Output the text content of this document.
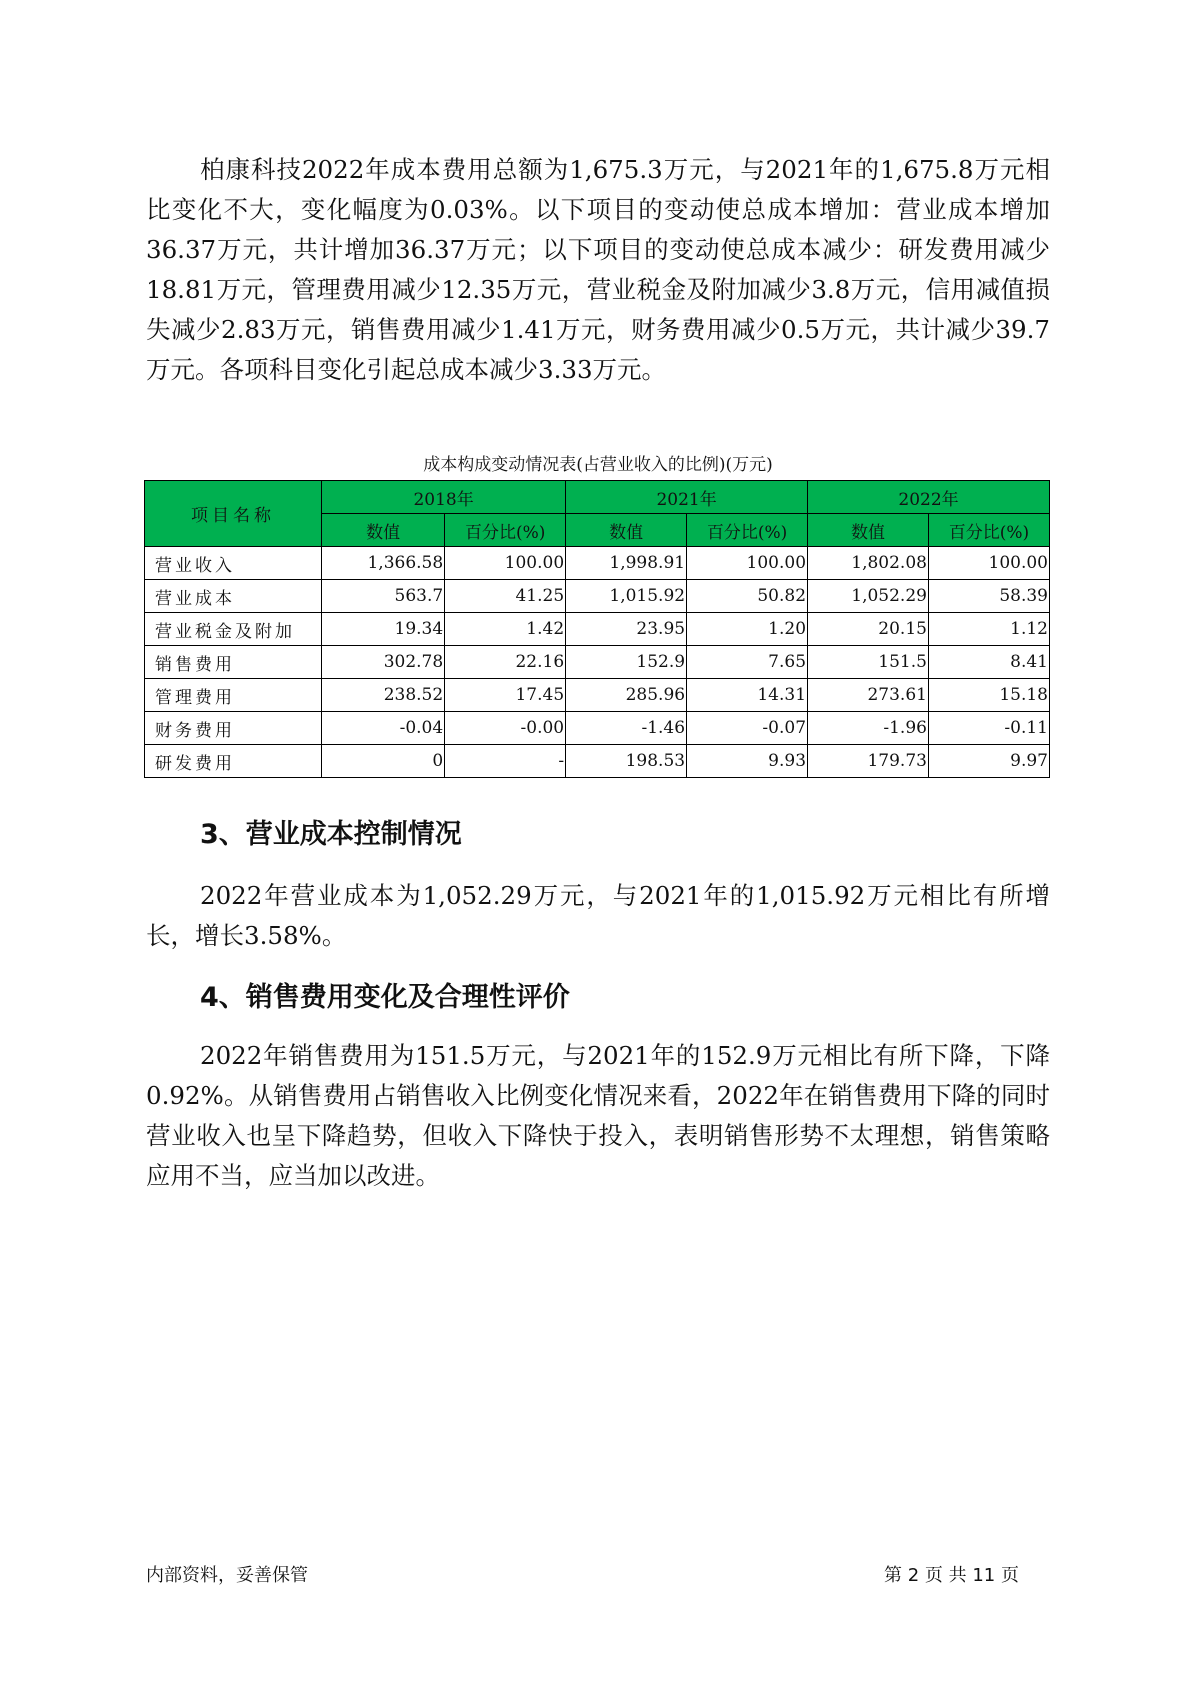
柏康科技2022年成本费用总额为1,675.3万元，与2021年的1,675.8万元相比变化不大，变化幅度为0.03%。以下项目的变动使总成本增加：营业成本增加36.37万元，共计增加36.37万元；以下项目的变动使总成本减少：研发费用减少18.81万元，管理费用减少12.35万元，营业税金及附加减少3.8万元，信用减值损失减少2.83万元，销售费用减少1.41万元，财务费用减少0.5万元，共计减少39.7万元。各项科目变化引起总成本减少3.33万元。

成本构成变动情况表(占营业收入的比例)(万元)
项目名称	2018年		2021年		2022年	
	数值	百分比(%)	数值	百分比(%)	数值	百分比(%)
营业收入	1,366.58	100.00	1,998.91	100.00	1,802.08	100.00
营业成本	563.7	41.25	1,015.92	50.82	1,052.29	58.39
营业税金及附加	19.34	1.42	23.95	1.20	20.15	1.12
销售费用	302.78	22.16	152.9	7.65	151.5	8.41
管理费用	238.52	17.45	285.96	14.31	273.61	15.18
财务费用	-0.04	-0.00	-1.46	-0.07	-1.96	-0.11
研发费用	0	-	198.53	9.93	179.73	9.97
3、营业成本控制情况

2022年营业成本为1,052.29万元，与2021年的1,015.92万元相比有所增长，增长3.58%。

4、销售费用变化及合理性评价

2022年销售费用为151.5万元，与2021年的152.9万元相比有所下降，下降0.92%。从销售费用占销售收入比例变化情况来看，2022年在销售费用下降的同时营业收入也呈下降趋势，但收入下降快于投入，表明销售形势不太理想，销售策略应用不当，应当加以改进。

内部资料，妥善保管	第 2 页 共 11 页
